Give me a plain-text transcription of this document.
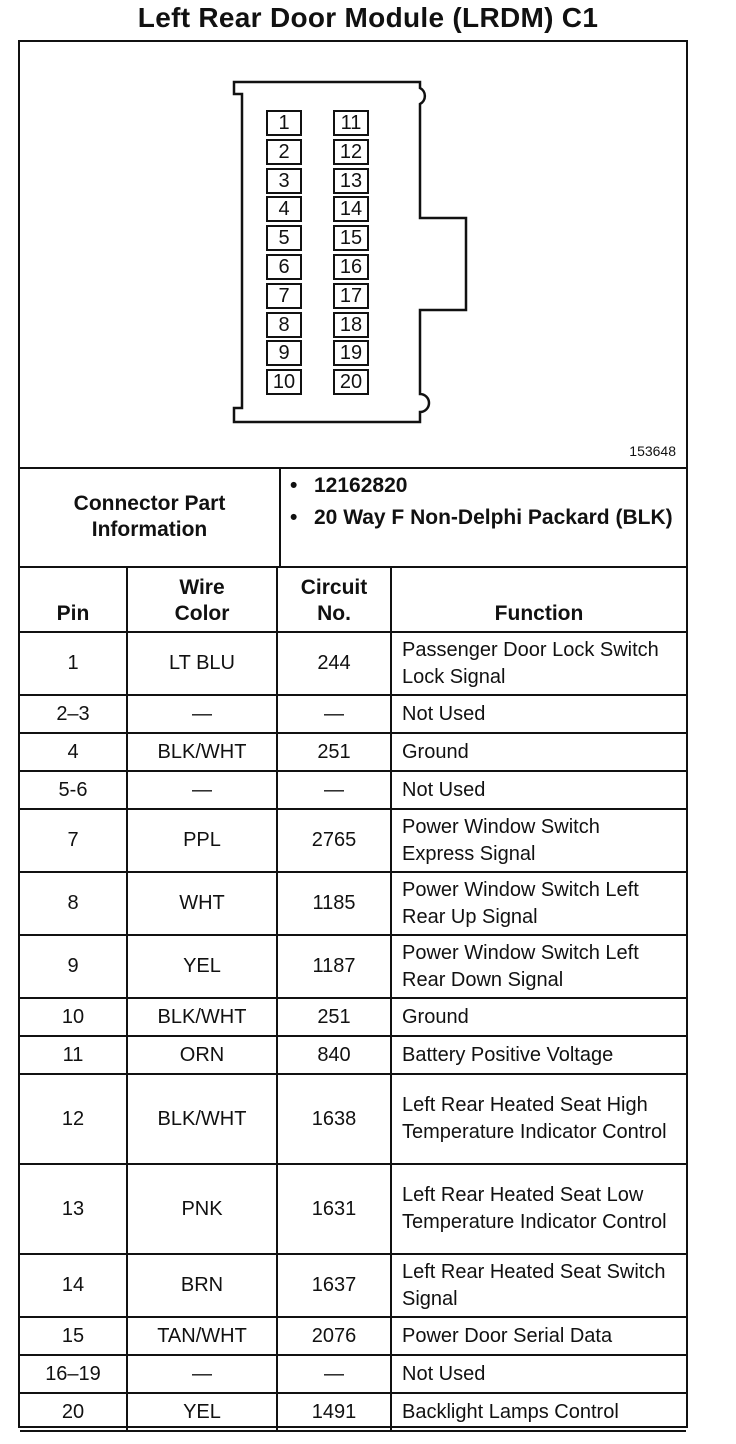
Left Rear Door Module (LRDM) C1
1
2
3
4
5
6
7
8
9
10
11
12
13
14
15
16
17
18
19
20
153648
Connector Part Information
• 12162820
• 20 Way F Non-Delphi Packard (BLK)
Pin	Wire Color	Circuit No.	Function
1	LT BLU	244	Passenger Door Lock Switch Lock Signal
2–3	—	—	Not Used
4	BLK/WHT	251	Ground
5-6	—	—	Not Used
7	PPL	2765	Power Window Switch Express Signal
8	WHT	1185	Power Window Switch Left Rear Up Signal
9	YEL	1187	Power Window Switch Left Rear Down Signal
10	BLK/WHT	251	Ground
11	ORN	840	Battery Positive Voltage
12	BLK/WHT	1638	Left Rear Heated Seat High Temperature Indicator Control
13	PNK	1631	Left Rear Heated Seat Low Temperature Indicator Control
14	BRN	1637	Left Rear Heated Seat Switch Signal
15	TAN/WHT	2076	Power Door Serial Data
16–19	—	—	Not Used
20	YEL	1491	Backlight Lamps Control
